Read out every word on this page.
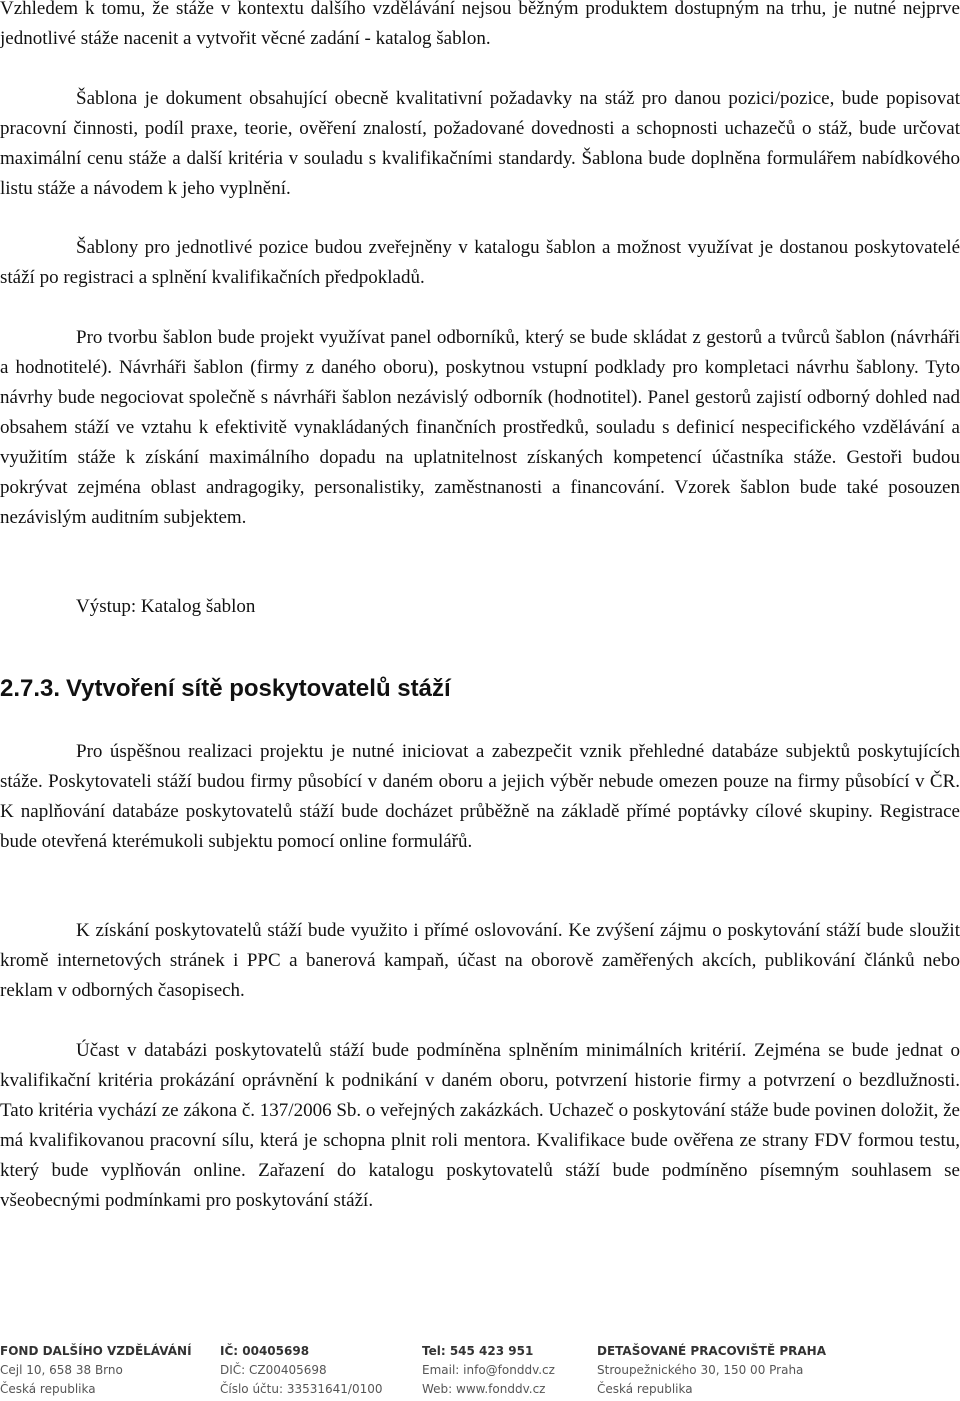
Vzhledem k tomu, že stáže v kontextu dalšího vzdělávání nejsou běžným produktem dostupným na trhu, je nutné nejprve jednotlivé stáže nacenit a vytvořit věcné zadání - katalog šablon.

Šablona je dokument obsahující obecně kvalitativní požadavky na stáž pro danou pozici/pozice, bude popisovat pracovní činnosti, podíl praxe, teorie, ověření znalostí, požadované dovednosti a schopnosti uchazečů o stáž, bude určovat maximální cenu stáže a další kritéria v souladu s kvalifikačními standardy. Šablona bude doplněna formulářem nabídkového listu stáže a návodem k jeho vyplnění.

Šablony pro jednotlivé pozice budou zveřejněny v katalogu šablon a možnost využívat je dostanou poskytovatelé stáží po registraci a splnění kvalifikačních předpokladů.

Pro tvorbu šablon bude projekt využívat panel odborníků, který se bude skládat z gestorů a tvůrců šablon (návrháři a hodnotitelé). Návrháři šablon (firmy z daného oboru), poskytnou vstupní podklady pro kompletaci návrhu šablony. Tyto návrhy bude negociovat společně s návrháři šablon nezávislý odborník (hodnotitel). Panel gestorů zajistí odborný dohled nad obsahem stáží ve vztahu k efektivitě vynakládaných finančních prostředků, souladu s definicí nespecifického vzdělávání a využitím stáže k získání maximálního dopadu na uplatnitelnost získaných kompetencí účastníka stáže. Gestoři budou pokrývat zejména oblast andragogiky, personalistiky, zaměstnanosti a financování. Vzorek šablon bude také posouzen nezávislým auditním subjektem.

Výstup: Katalog šablon

2.7.3. Vytvoření sítě poskytovatelů stáží

Pro úspěšnou realizaci projektu je nutné iniciovat a zabezpečit vznik přehledné databáze subjektů poskytujících stáže. Poskytovateli stáží budou firmy působící v daném oboru a jejich výběr nebude omezen pouze na firmy působící v ČR. K naplňování databáze poskytovatelů stáží bude docházet průběžně na základě přímé poptávky cílové skupiny. Registrace bude otevřená kterémukoli subjektu pomocí online formulářů.

K získání poskytovatelů stáží bude využito i přímé oslovování. Ke zvýšení zájmu o poskytování stáží bude sloužit kromě internetových stránek i PPC a banerová kampaň, účast na oborově zaměřených akcích, publikování článků nebo reklam v odborných časopisech.

Účast v databázi poskytovatelů stáží bude podmíněna splněním minimálních kritérií. Zejména se bude jednat o kvalifikační kritéria prokázání oprávnění k podnikání v daném oboru, potvrzení historie firmy a potvrzení o bezdlužnosti. Tato kritéria vychází ze zákona č. 137/2006 Sb. o veřejných zakázkách. Uchazeč o poskytování stáže bude povinen doložit, že má kvalifikovanou pracovní sílu, která je schopna plnit roli mentora. Kvalifikace bude ověřena ze strany FDV formou testu, který bude vyplňován online. Zařazení do katalogu poskytovatelů stáží bude podmíněno písemným souhlasem se všeobecnými podmínkami pro poskytování stáží.

FOND DALŠÍHO VZDĚLÁVÁNÍ
Cejl 10, 658 38 Brno
Česká republika
IČ: 00405698
DIČ: CZ00405698
Číslo účtu: 33531641/0100
Tel: 545 423 951
Email: info@fonddv.cz
Web: www.fonddv.cz
DETAŠOVANÉ PRACOVIŠTĚ PRAHA
Stroupežnického 30, 150 00 Praha
Česká republika
